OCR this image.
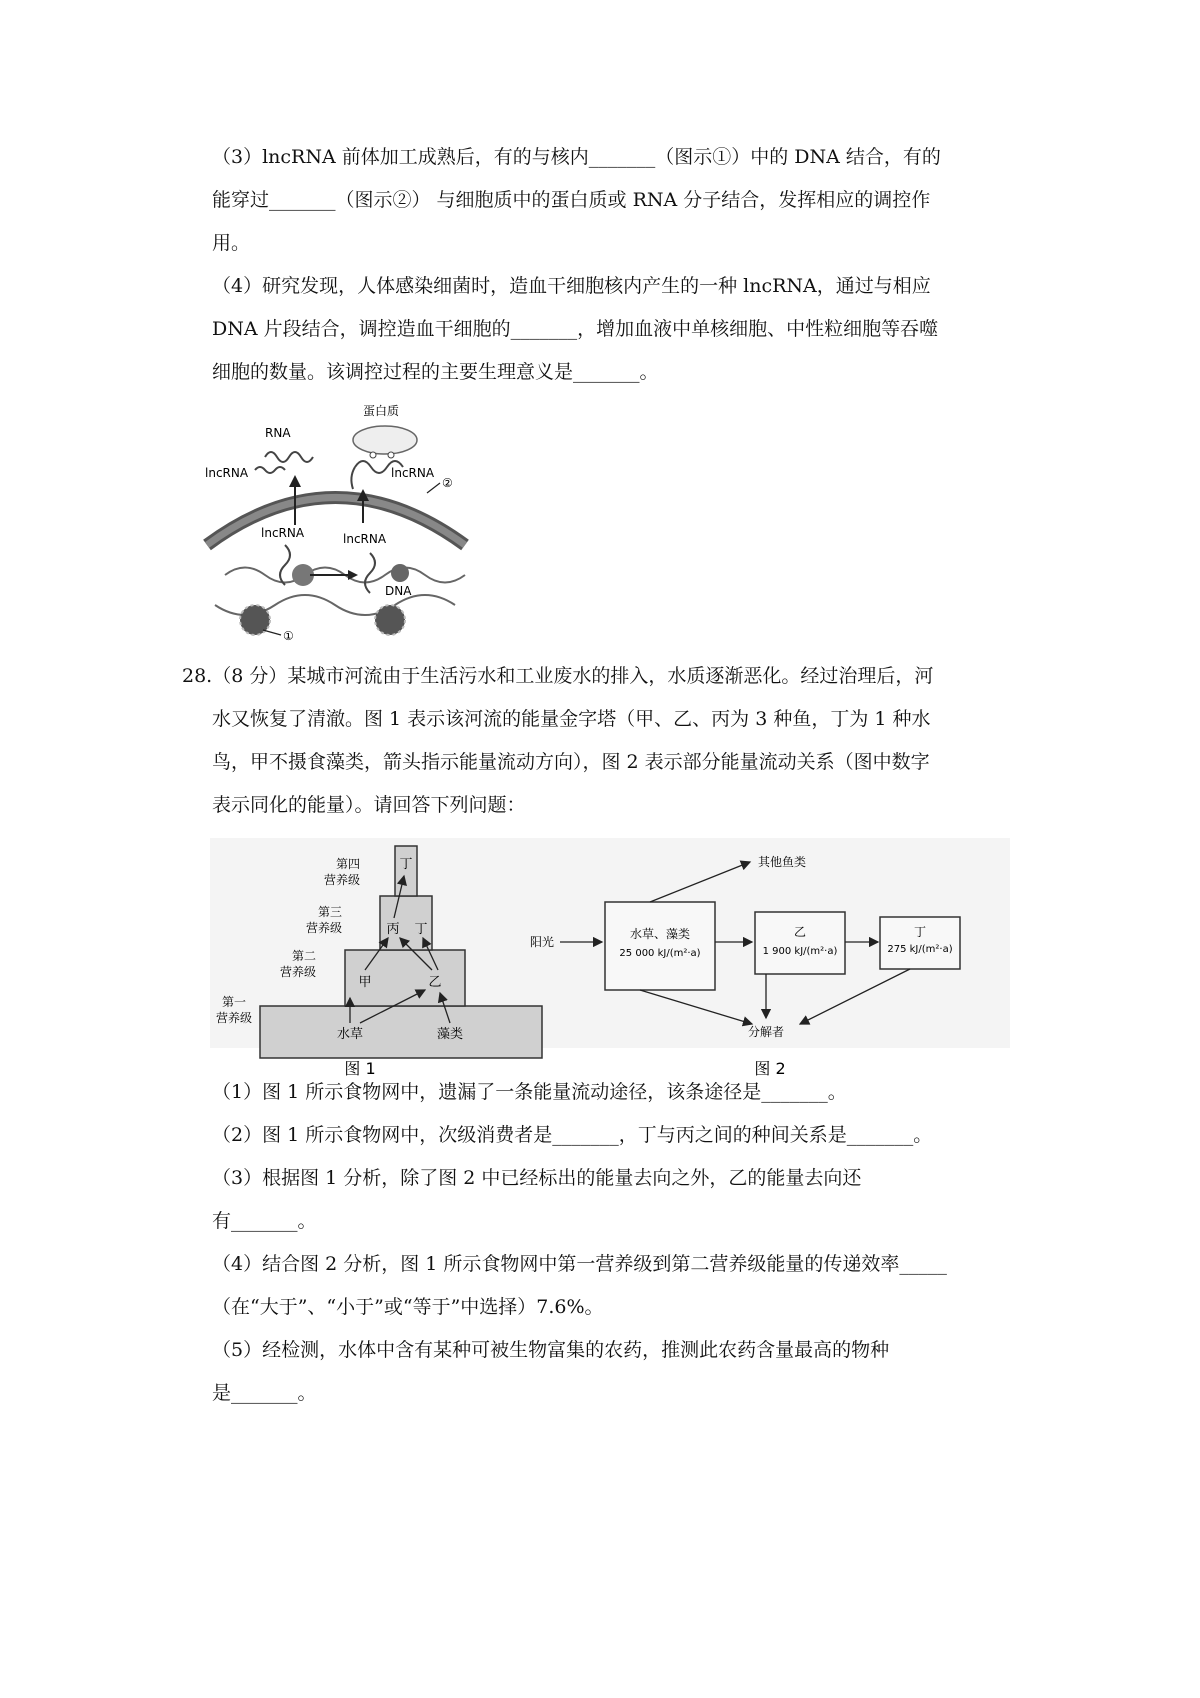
（3）lncRNA 前体加工成熟后，有的与核内_______（图示①）中的 DNA 结合，有的
能穿过_______（图示②） 与细胞质中的蛋白质或 RNA 分子结合，发挥相应的调控作
用。
（4）研究发现，人体感染细菌时，造血干细胞核内产生的一种 lncRNA，通过与相应
DNA 片段结合，调控造血干细胞的_______，增加血液中单核细胞、中性粒细胞等吞噬
细胞的数量。该调控过程的主要生理意义是_______。
②
蛋白质
RNA
lncRNA	lncRNA
lncRNA	lncRNA
DNA
①
28.（8 分）某城市河流由于生活污水和工业废水的排入，水质逐渐恶化。经过治理后，河
水又恢复了清澈。图 1 表示该河流的能量金字塔（甲、乙、丙为 3 种鱼，丁为 1 种水
鸟，甲不摄食藻类，箭头指示能量流动方向），图 2 表示部分能量流动关系（图中数字
表示同化的能量）。请回答下列问题：
第四
营养级
第三
营养级
第二
营养级
第一
营养级
丁
丙 丁
甲	乙
水草	藻类
图 1
阳光
水草、藻类
25 000 kJ/(m²·a)
乙
1 900 kJ/(m²·a)
丁
275 kJ/(m²·a)
其他鱼类
分解者
图 2
（1）图 1 所示食物网中，遗漏了一条能量流动途径，该条途径是_______。
（2）图 1 所示食物网中，次级消费者是_______，丁与丙之间的种间关系是_______。
（3）根据图 1 分析，除了图 2 中已经标出的能量去向之外，乙的能量去向还
有_______。
（4）结合图 2 分析，图 1 所示食物网中第一营养级到第二营养级能量的传递效率_____
（在“大于”、“小于”或“等于”中选择）7.6%。
（5）经检测，水体中含有某种可被生物富集的农药，推测此农药含量最高的物种
是_______。
